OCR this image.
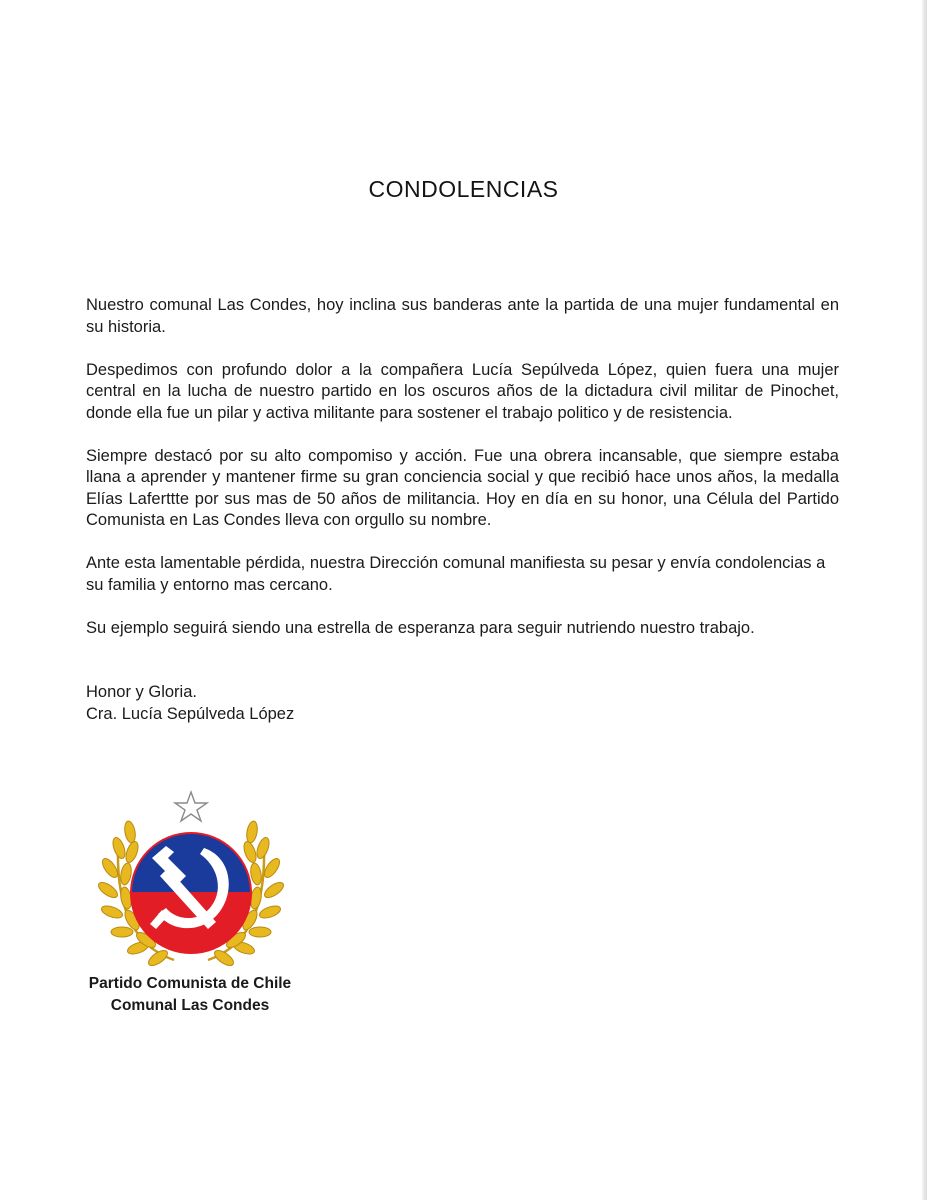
CONDOLENCIAS

Nuestro comunal Las Condes, hoy inclina sus banderas ante la partida de una mujer fundamental en su historia.

Despedimos con profundo dolor a la compañera Lucía Sepúlveda López, quien fuera una mujer central en la lucha de nuestro partido en los oscuros años de la dictadura civil militar de Pinochet, donde ella fue un pilar y activa militante para sostener el trabajo politico y de resistencia.

Siempre destacó por su alto compomiso y acción. Fue una obrera incansable, que siempre estaba llana a aprender y mantener firme su gran conciencia social y que recibió hace unos años, la medalla Elías Laferttte por sus mas de 50 años de militancia. Hoy en día en su honor, una Célula del Partido Comunista en Las Condes lleva con orgullo su nombre.

Ante esta lamentable pérdida, nuestra Dirección comunal manifiesta su pesar y envía condolencias a su familia y entorno mas cercano.

Su ejemplo seguirá siendo una estrella de esperanza para seguir nutriendo nuestro trabajo.

Honor y Gloria.

Cra. Lucía Sepúlveda López

Partido Comunista de Chile
Comunal Las Condes
